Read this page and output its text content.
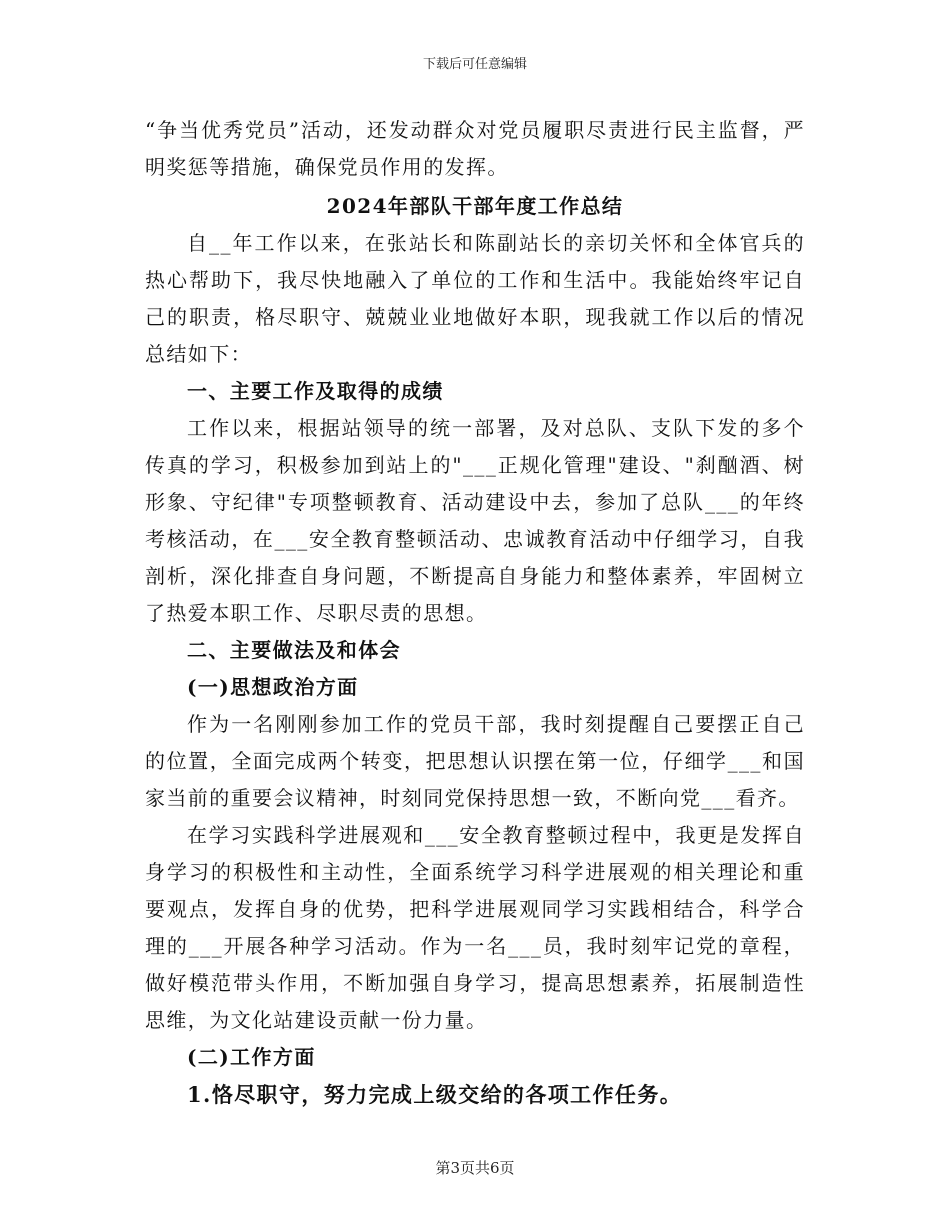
下载后可任意编辑

“争当优秀党员”活动，还发动群众对党员履职尽责进行民主监督，严明奖惩等措施，确保党员作用的发挥。

2024年部队干部年度工作总结

自__年工作以来，在张站长和陈副站长的亲切关怀和全体官兵的热心帮助下，我尽快地融入了单位的工作和生活中。我能始终牢记自己的职责，格尽职守、兢兢业业地做好本职，现我就工作以后的情况总结如下：

一、主要工作及取得的成绩

工作以来，根据站领导的统一部署，及对总队、支队下发的多个传真的学习，积极参加到站上的"___正规化管理"建设、"刹酗酒、树形象、守纪律"专项整顿教育、活动建设中去，参加了总队___的年终考核活动，在___安全教育整顿活动、忠诚教育活动中仔细学习，自我剖析，深化排查自身问题，不断提高自身能力和整体素养，牢固树立了热爱本职工作、尽职尽责的思想。

二、主要做法及和体会

(一)思想政治方面

作为一名刚刚参加工作的党员干部，我时刻提醒自己要摆正自己的位置，全面完成两个转变，把思想认识摆在第一位，仔细学___和国家当前的重要会议精神，时刻同党保持思想一致，不断向党___看齐。

在学习实践科学进展观和___安全教育整顿过程中，我更是发挥自身学习的积极性和主动性，全面系统学习科学进展观的相关理论和重要观点，发挥自身的优势，把科学进展观同学习实践相结合，科学合理的___开展各种学习活动。作为一名___员，我时刻牢记党的章程，做好模范带头作用，不断加强自身学习，提高思想素养，拓展制造性思维，为文化站建设贡献一份力量。

(二)工作方面

1.恪尽职守，努力完成上级交给的各项工作任务。

第3页共6页
